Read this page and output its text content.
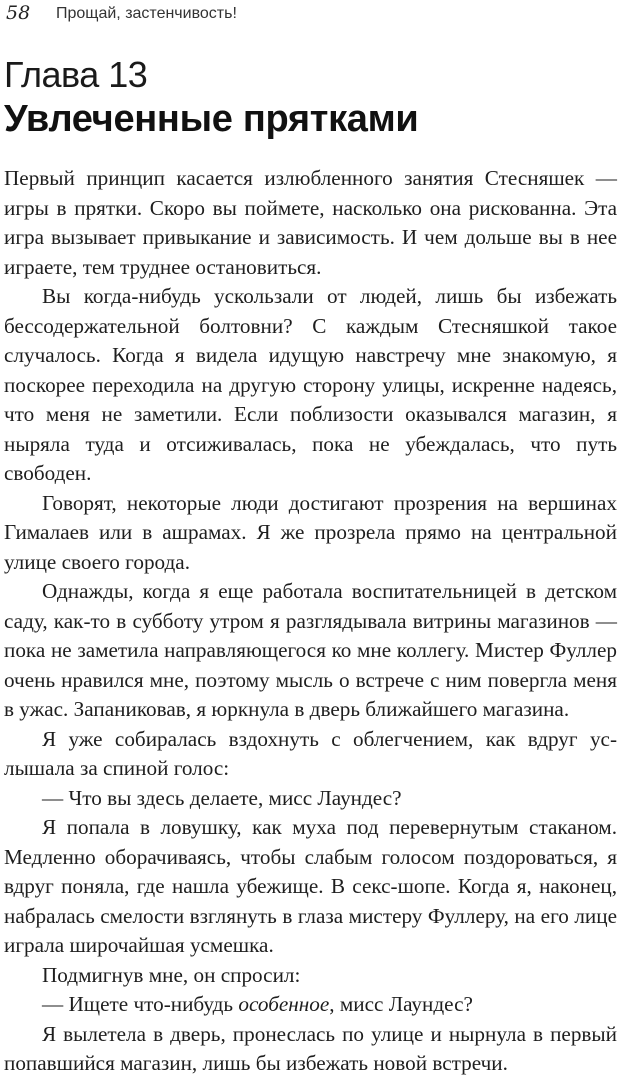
58 Прощай, застенчивость!
Глава 13
Увлеченные прятками

Первый принцип касается излюбленного занятия Стесняшек — игры в прятки. Скоро вы поймете, насколько она рискованна. Эта игра вызывает привыкание и зависимость. И чем дольше вы в нее играете, тем труднее остановиться.

Вы когда-нибудь ускользали от людей, лишь бы избежать бессодержательной болтовни? С каждым Стесняшкой такое случалось. Когда я видела идущую навстречу мне знакомую, я поскорее переходила на другую сторону улицы, искренне надеясь, что меня не заметили. Если поблизости оказывался магазин, я ныряла туда и отсиживалась, пока не убеждалась, что путь свободен.

Говорят, некоторые люди достигают прозрения на вершинах Гималаев или в ашрамах. Я же прозрела прямо на центральной улице своего города.

Однажды, когда я еще работала воспитательницей в детском саду, как-то в субботу утром я разглядывала витрины магазинов — пока не заметила направляющегося ко мне коллегу. Мистер Фуллер очень нравился мне, поэтому мысль о встрече с ним повергла меня в ужас. Запаниковав, я юркнула в дверь ближайшего магазина.

Я уже собиралась вздохнуть с облегчением, как вдруг услышала за спиной голос:

— Что вы здесь делаете, мисс Лаундес?

Я попала в ловушку, как муха под перевернутым стаканом. Медленно оборачиваясь, чтобы слабым голосом поздороваться, я вдруг поняла, где нашла убежище. В секс-шопе. Когда я, наконец, набралась смелости взглянуть в глаза мистеру Фуллеру, на его лице играла широчайшая усмешка.

Подмигнув мне, он спросил:

— Ищете что-нибудь особенное, мисс Лаундес?

Я вылетела в дверь, пронеслась по улице и нырнула в первый попавшийся магазин, лишь бы избежать новой встречи.
